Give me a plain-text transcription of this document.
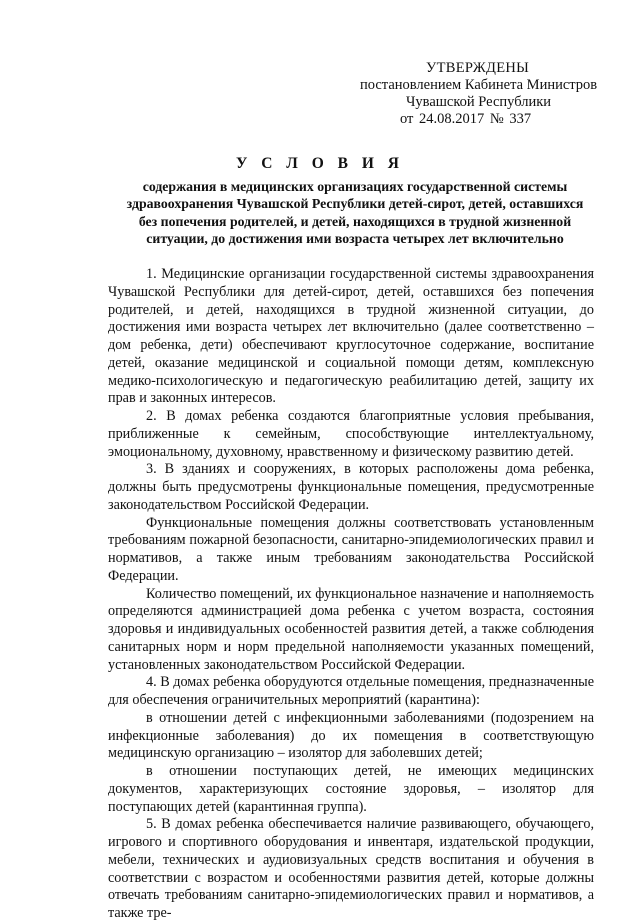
УТВЕРЖДЕНЫ
постановлением Кабинета Министров
Чувашской Республики
от 24.08.2017 № 337
У С Л О В И Я
содержания в медицинских организациях государственной системы здравоохранения Чувашской Республики детей-сирот, детей, оставшихся без попечения родителей, и детей, находящихся в трудной жизненной ситуации, до достижения ими возраста четырех лет включительно

1. Медицинские организации государственной системы здравоохранения Чувашской Республики для детей-сирот, детей, оставшихся без попечения родителей, и детей, находящихся в трудной жизненной ситуации, до достижения ими возраста четырех лет включительно (далее соответственно – дом ребенка, дети) обеспечивают круглосуточное содержание, воспитание детей, оказание медицинской и социальной помощи детям, комплексную медико-психологическую и педагогическую реабилитацию детей, защиту их прав и законных интересов.

2. В домах ребенка создаются благоприятные условия пребывания, приближенные к семейным, способствующие интеллектуальному, эмоциональному, духовному, нравственному и физическому развитию детей.

3. В зданиях и сооружениях, в которых расположены дома ребенка, должны быть предусмотрены функциональные помещения, предусмотренные законодательством Российской Федерации.

Функциональные помещения должны соответствовать установленным требованиям пожарной безопасности, санитарно-эпидемиологических правил и нормативов, а также иным требованиям законодательства Российской Федерации.

Количество помещений, их функциональное назначение и наполняемость определяются администрацией дома ребенка с учетом возраста, состояния здоровья и индивидуальных особенностей развития детей, а также соблюдения санитарных норм и норм предельной наполняемости указанных помещений, установленных законодательством Российской Федерации.

4. В домах ребенка оборудуются отдельные помещения, предназначенные для обеспечения ограничительных мероприятий (карантина):

в отношении детей с инфекционными заболеваниями (подозрением на инфекционные заболевания) до их помещения в соответствующую медицинскую организацию – изолятор для заболевших детей;

в отношении поступающих детей, не имеющих медицинских документов, характеризующих состояние здоровья, – изолятор для поступающих детей (карантинная группа).

5. В домах ребенка обеспечивается наличие развивающего, обучающего, игрового и спортивного оборудования и инвентаря, издательской продукции, мебели, технических и аудиовизуальных средств воспитания и обучения в соответствии с возрастом и особенностями развития детей, которые должны отвечать требованиям санитарно-эпидемиологических правил и нормативов, а также тре-
